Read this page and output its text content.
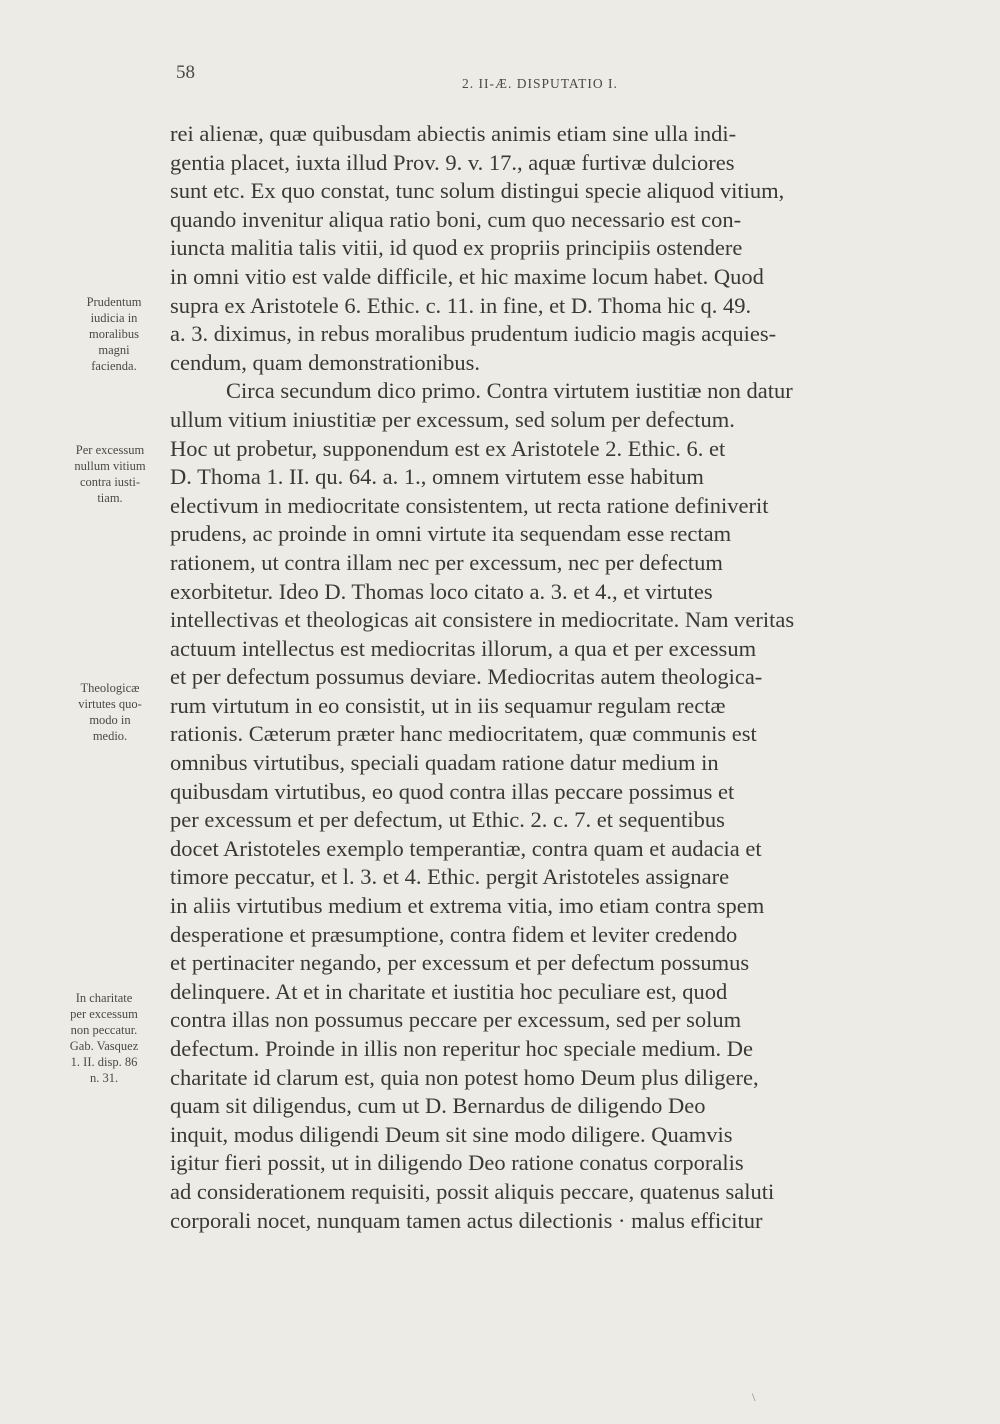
58
2. II-Æ. DISPUTATIO I.
rei alienæ, quæ quibusdam abiectis animis etiam sine ulla indi-
gentia placet, iuxta illud Prov. 9. v. 17., aquæ furtivæ dulciores
sunt etc. Ex quo constat, tunc solum distingui specie aliquod vitium,
quando invenitur aliqua ratio boni, cum quo necessario est con-
iuncta malitia talis vitii, id quod ex propriis principiis ostendere
in omni vitio est valde difficile, et hic maxime locum habet. Quod
supra ex Aristotele 6. Ethic. c. 11. in fine, et D. Thoma hic q. 49.
a. 3. diximus, in rebus moralibus prudentum iudicio magis acquies-
cendum, quam demonstrationibus.
Circa secundum dico primo. Contra virtutem iustitiæ non datur
ullum vitium iniustitiæ per excessum, sed solum per defectum.
Hoc ut probetur, supponendum est ex Aristotele 2. Ethic. 6. et
D. Thoma 1. II. qu. 64. a. 1., omnem virtutem esse habitum
electivum in mediocritate consistentem, ut recta ratione definiverit
prudens, ac proinde in omni virtute ita sequendam esse rectam
rationem, ut contra illam nec per excessum, nec per defectum
exorbitetur. Ideo D. Thomas loco citato a. 3. et 4., et virtutes
intellectivas et theologicas ait consistere in mediocritate. Nam veritas
actuum intellectus est mediocritas illorum, a qua et per excessum
et per defectum possumus deviare. Mediocritas autem theologica-
rum virtutum in eo consistit, ut in iis sequamur regulam rectæ
rationis. Cæterum præter hanc mediocritatem, quæ communis est
omnibus virtutibus, speciali quadam ratione datur medium in
quibusdam virtutibus, eo quod contra illas peccare possimus et
per excessum et per defectum, ut Ethic. 2. c. 7. et sequentibus
docet Aristoteles exemplo temperantiæ, contra quam et audacia et
timore peccatur, et l. 3. et 4. Ethic. pergit Aristoteles assignare
in aliis virtutibus medium et extrema vitia, imo etiam contra spem
desperatione et præsumptione, contra fidem et leviter credendo
et pertinaciter negando, per excessum et per defectum possumus
delinquere. At et in charitate et iustitia hoc peculiare est, quod
contra illas non possumus peccare per excessum, sed per solum
defectum. Proinde in illis non reperitur hoc speciale medium. De
charitate id clarum est, quia non potest homo Deum plus diligere,
quam sit diligendus, cum ut D. Bernardus de diligendo Deo
inquit, modus diligendi Deum sit sine modo diligere. Quamvis
igitur fieri possit, ut in diligendo Deo ratione conatus corporalis
ad considerationem requisiti, possit aliquis peccare, quatenus saluti
corporali nocet, nunquam tamen actus dilectionis · malus efficitur
Prudentum
iudicia in
moralibus
magni
facienda.
Per excessum
nullum vitium
contra iusti-
tiam.
Theologicæ
virtutes quo-
modo in
medio.
In charitate
per excessum
non peccatur.
Gab. Vasquez
1. II. disp. 86
n. 31.
\
